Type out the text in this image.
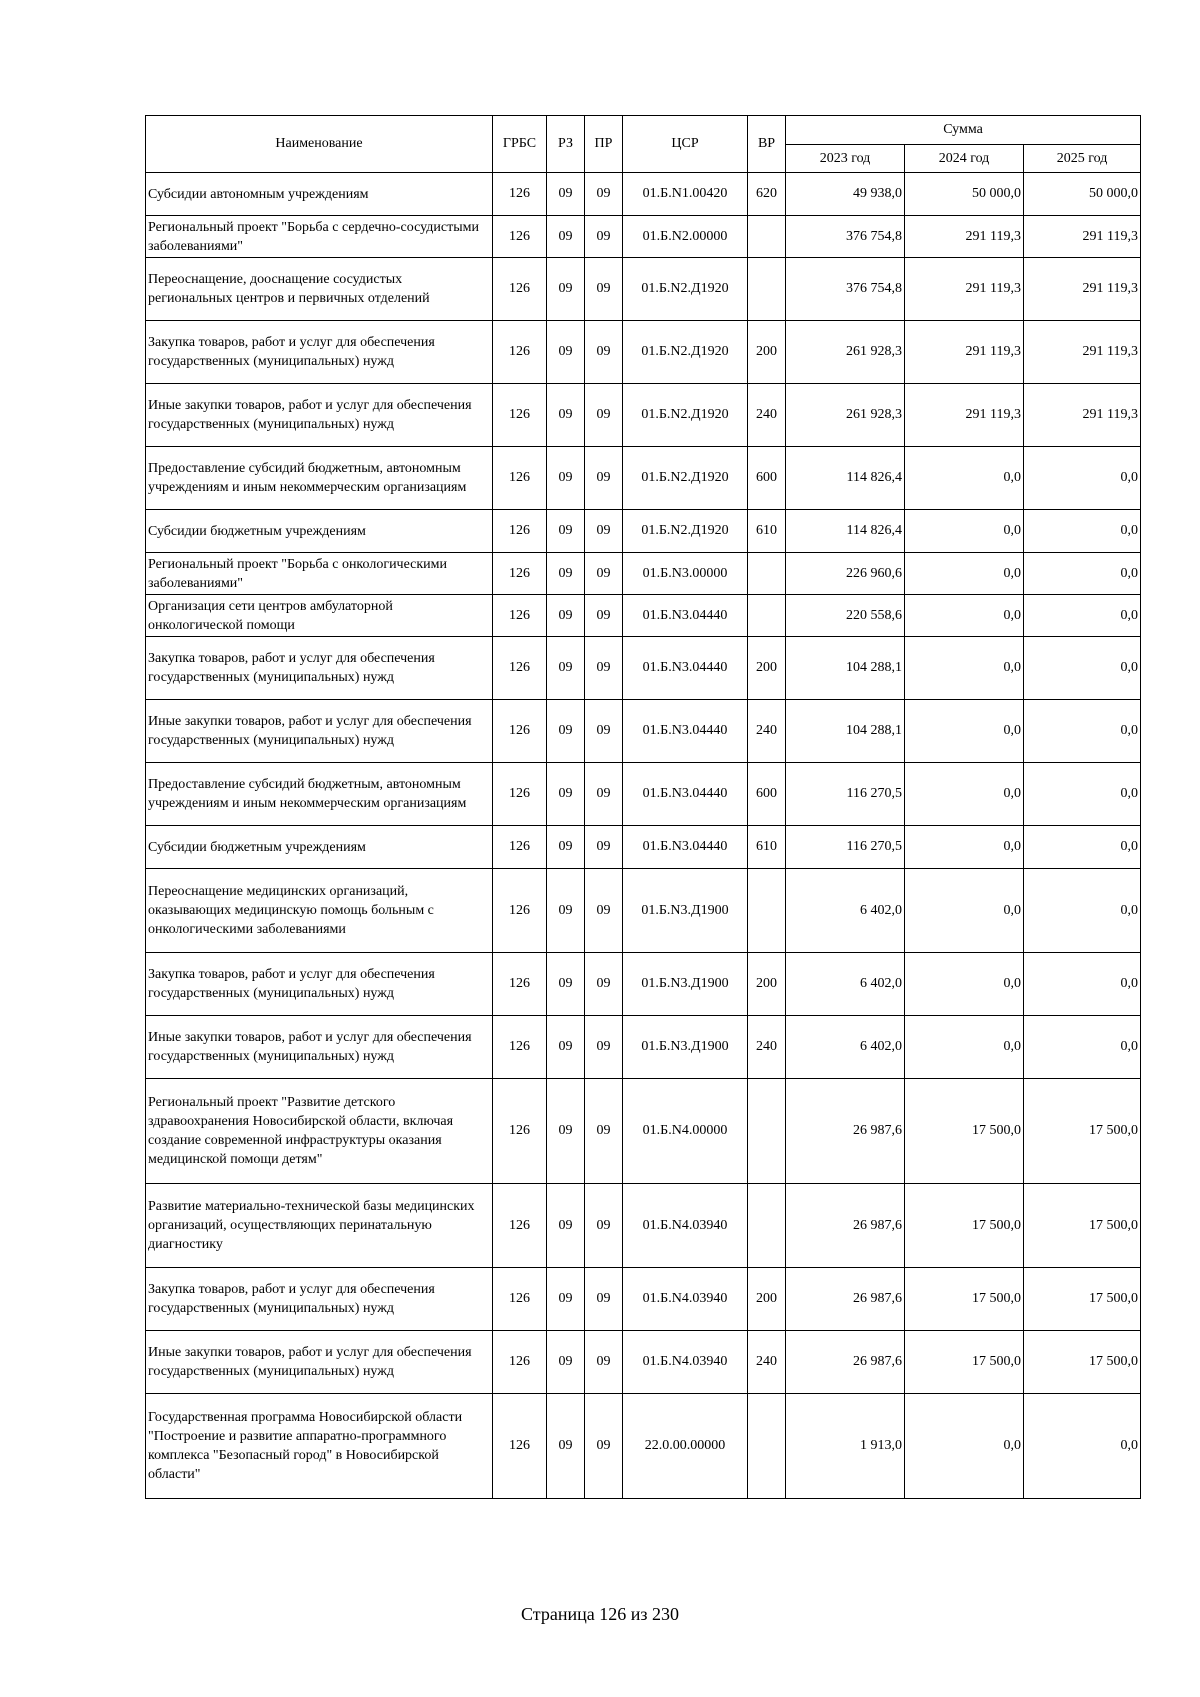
Наименование	ГРБС	РЗ	ПР	ЦСР	ВР	Сумма		
						2023 год	2024 год	2025 год
Субсидии автономным учреждениям	126	09	09	01.Б.N1.00420	620	49 938,0	50 000,0	50 000,0
Региональный проект "Борьба с сердечно-сосудистыми заболеваниями"	126	09	09	01.Б.N2.00000		376 754,8	291 119,3	291 119,3
Переоснащение, дооснащение сосудистых региональных центров и первичных отделений	126	09	09	01.Б.N2.Д1920		376 754,8	291 119,3	291 119,3
Закупка товаров, работ и услуг для обеспечения государственных (муниципальных) нужд	126	09	09	01.Б.N2.Д1920	200	261 928,3	291 119,3	291 119,3
Иные закупки товаров, работ и услуг для обеспечения государственных (муниципальных) нужд	126	09	09	01.Б.N2.Д1920	240	261 928,3	291 119,3	291 119,3
Предоставление субсидий бюджетным, автономным учреждениям и иным некоммерческим организациям	126	09	09	01.Б.N2.Д1920	600	114 826,4	0,0	0,0
Субсидии бюджетным учреждениям	126	09	09	01.Б.N2.Д1920	610	114 826,4	0,0	0,0
Региональный проект "Борьба с онкологическими заболеваниями"	126	09	09	01.Б.N3.00000		226 960,6	0,0	0,0
Организация сети центров амбулаторной онкологической помощи	126	09	09	01.Б.N3.04440		220 558,6	0,0	0,0
Закупка товаров, работ и услуг для обеспечения государственных (муниципальных) нужд	126	09	09	01.Б.N3.04440	200	104 288,1	0,0	0,0
Иные закупки товаров, работ и услуг для обеспечения государственных (муниципальных) нужд	126	09	09	01.Б.N3.04440	240	104 288,1	0,0	0,0
Предоставление субсидий бюджетным, автономным учреждениям и иным некоммерческим организациям	126	09	09	01.Б.N3.04440	600	116 270,5	0,0	0,0
Субсидии бюджетным учреждениям	126	09	09	01.Б.N3.04440	610	116 270,5	0,0	0,0
Переоснащение медицинских организаций, оказывающих медицинскую помощь больным с онкологическими заболеваниями	126	09	09	01.Б.N3.Д1900		6 402,0	0,0	0,0
Закупка товаров, работ и услуг для обеспечения государственных (муниципальных) нужд	126	09	09	01.Б.N3.Д1900	200	6 402,0	0,0	0,0
Иные закупки товаров, работ и услуг для обеспечения государственных (муниципальных) нужд	126	09	09	01.Б.N3.Д1900	240	6 402,0	0,0	0,0
Региональный проект "Развитие детского здравоохранения Новосибирской области, включая создание современной инфраструктуры оказания медицинской помощи детям"	126	09	09	01.Б.N4.00000		26 987,6	17 500,0	17 500,0
Развитие материально-технической базы медицинских организаций, осуществляющих перинатальную диагностику	126	09	09	01.Б.N4.03940		26 987,6	17 500,0	17 500,0
Закупка товаров, работ и услуг для обеспечения государственных (муниципальных) нужд	126	09	09	01.Б.N4.03940	200	26 987,6	17 500,0	17 500,0
Иные закупки товаров, работ и услуг для обеспечения государственных (муниципальных) нужд	126	09	09	01.Б.N4.03940	240	26 987,6	17 500,0	17 500,0
Государственная программа Новосибирской области "Построение и развитие аппаратно-программного комплекса "Безопасный город" в Новосибирской области"	126	09	09	22.0.00.00000		1 913,0	0,0	0,0
Страница 126 из 230
